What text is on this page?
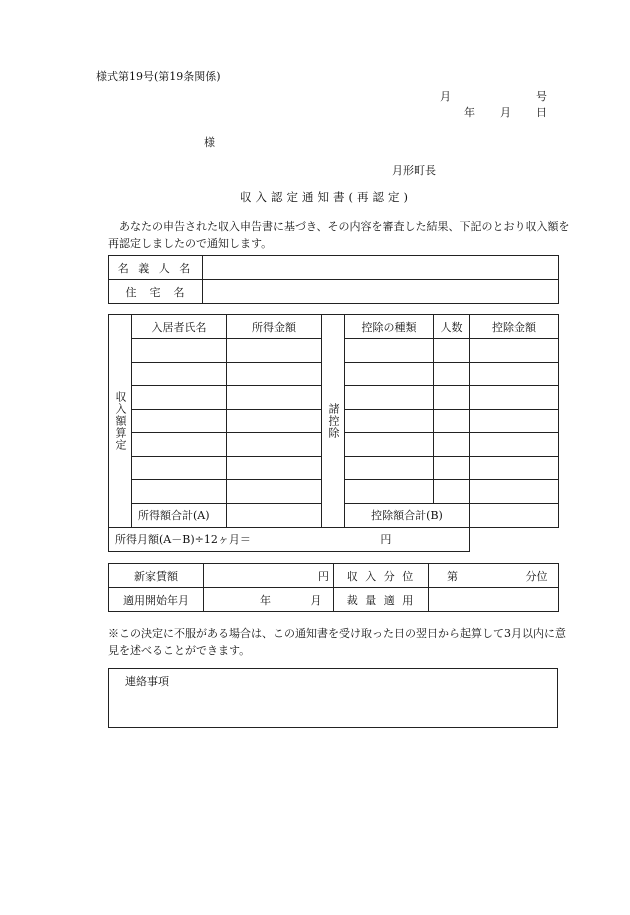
様式第19号(第19条関係)
月	号
年 月 日
様
月形町長
収入認定通知書(再認定)
あなたの申告された収入申告書に基づき、その内容を審査した結果、下記のとおり収入額を再認定しましたので通知します。
名 義 人 名	
住　宅　名	
収入額算定	入居者氏名	所得金額	諸控除	控除の種類	人数	控除金額

	所得額合計(A)			控除額合計(B)		
所得月額(A－B)÷12ヶ月＝ 円						
新家賃額	円	収 入 分 位	第 分位
適用開始年月	年 月	裁 量 適 用	
※この決定に不服がある場合は、この通知書を受け取った日の翌日から起算して3月以内に意見を述べることができます。
連絡事項
